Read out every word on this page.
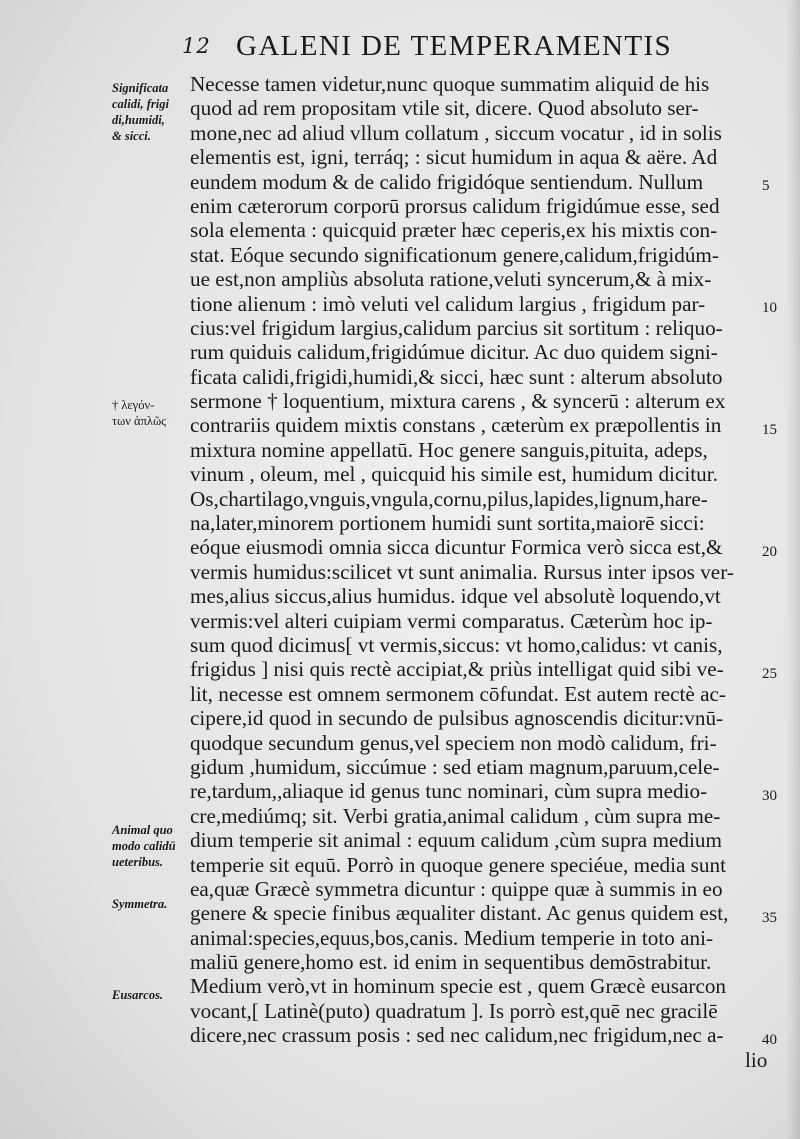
12 GALENI DE TEMPERAMENTIS
Significata
calidi, frigi
di,humidi,
& sicci.
† λεγόν-
των ἁπλῶς
Animal quo
modo calidū
ueteribus.
Symmetra.
Eusarcos.
Necesse tamen videtur,nunc quoque summatim aliquid de his
quod ad rem propositam vtile sit, dicere. Quod absoluto ser-
mone,nec ad aliud vllum collatum , siccum vocatur , id in solis
elementis est, igni, terráq; : sicut humidum in aqua & aëre. Ad
eundem modum & de calido frigidóque sentiendum. Nullum
enim cæterorum corporū prorsus calidum frigidúmue esse, sed
sola elementa : quicquid præter hæc ceperis,ex his mixtis con-
stat. Eóque secundo significationum genere,calidum,frigidúm-
ue est,non ampliùs absoluta ratione,veluti syncerum,& à mix-
tione alienum : imò veluti vel calidum largius , frigidum par-
cius:vel frigidum largius,calidum parcius sit sortitum : reliquo-
rum quiduis calidum,frigidúmue dicitur. Ac duo quidem signi-
ficata calidi,frigidi,humidi,& sicci, hæc sunt : alterum absoluto
sermone † loquentium, mixtura carens , & syncerū : alterum ex
contrariis quidem mixtis constans , cæterùm ex præpollentis in
mixtura nomine appellatū. Hoc genere sanguis,pituita, adeps,
vinum , oleum, mel , quicquid his simile est, humidum dicitur.
Os,chartilago,vnguis,vngula,cornu,pilus,lapides,lignum,hare-
na,later,minorem portionem humidi sunt sortita,maiorē sicci:
eóque eiusmodi omnia sicca dicuntur Formica verò sicca est,&
vermis humidus:scilicet vt sunt animalia. Rursus inter ipsos ver-
mes,alius siccus,alius humidus. idque vel absolutè loquendo,vt
vermis:vel alteri cuipiam vermi comparatus. Cæterùm hoc ip-
sum quod dicimus[ vt vermis,siccus: vt homo,calidus: vt canis,
frigidus ] nisi quis rectè accipiat,& priùs intelligat quid sibi ve-
lit, necesse est omnem sermonem cōfundat. Est autem rectè ac-
cipere,id quod in secundo de pulsibus agnoscendis dicitur:vnū-
quodque secundum genus,vel speciem non modò calidum, fri-
gidum ,humidum, siccúmue : sed etiam magnum,paruum,cele-
re,tardum,,aliaque id genus tunc nominari, cùm supra medio-
cre,mediúmq; sit. Verbi gratia,animal calidum , cùm supra me-
dium temperie sit animal : equum calidum ,cùm supra medium
temperie sit equū. Porrò in quoque genere speciéue, media sunt
ea,quæ Græcè symmetra dicuntur : quippe quæ à summis in eo
genere & specie finibus æqualiter distant. Ac genus quidem est,
animal:species,equus,bos,canis. Medium temperie in toto ani-
maliū genere,homo est. id enim in sequentibus demōstrabitur.
Medium verò,vt in hominum specie est , quem Græcè eusarcon
vocant,[ Latinè(puto) quadratum ]. Is porrò est,quē nec gracilē
dicere,nec crassum posis : sed nec calidum,nec frigidum,nec a-
lio
5
10
15
20
25
30
35
40
